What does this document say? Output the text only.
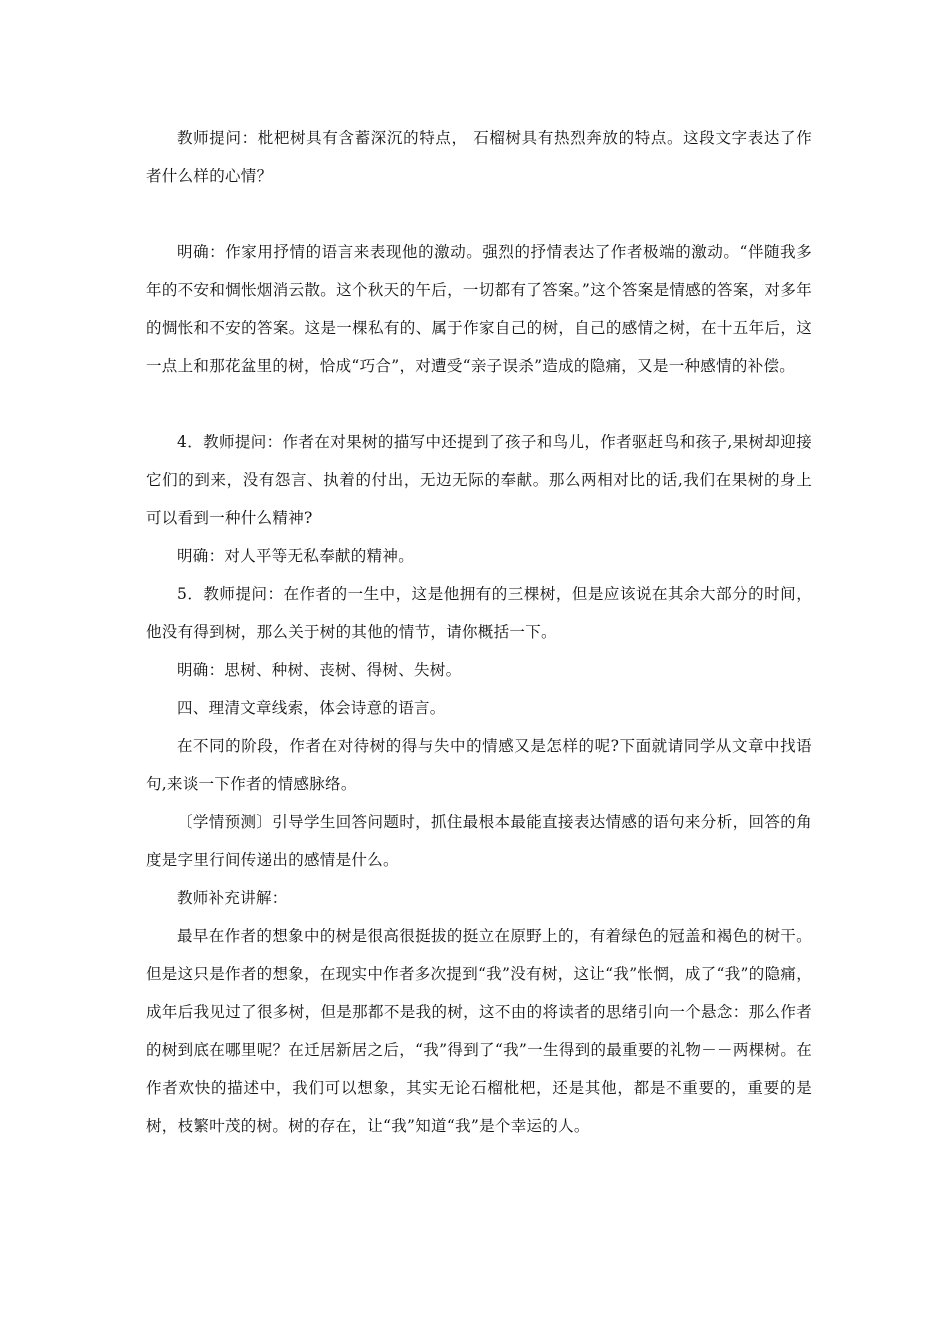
教师提问：枇杷树具有含蓄深沉的特点， 石榴树具有热烈奔放的特点。这段文字表达了作者什么样的心情？

明确：作家用抒情的语言来表现他的激动。强烈的抒情表达了作者极端的激动。“伴随我多年的不安和惆怅烟消云散。这个秋天的午后，一切都有了答案。”这个答案是情感的答案，对多年的惆怅和不安的答案。这是一棵私有的、属于作家自己的树，自己的感情之树，在十五年后，这一点上和那花盆里的树，恰成“巧合”，对遭受“亲子误杀”造成的隐痛，又是一种感情的补偿。

4．教师提问：作者在对果树的描写中还提到了孩子和鸟儿，作者驱赶鸟和孩子,果树却迎接它们的到来，没有怨言、执着的付出，无边无际的奉献。那么两相对比的话,我们在果树的身上可以看到一种什么精神?

明确：对人平等无私奉献的精神。

5．教师提问：在作者的一生中，这是他拥有的三棵树，但是应该说在其余大部分的时间，他没有得到树，那么关于树的其他的情节，请你概括一下。

明确：思树、种树、丧树、得树、失树。

四、理清文章线索，体会诗意的语言。

在不同的阶段，作者在对待树的得与失中的情感又是怎样的呢?下面就请同学从文章中找语句,来谈一下作者的情感脉络。

〔学情预测〕引导学生回答问题时，抓住最根本最能直接表达情感的语句来分析，回答的角度是字里行间传递出的感情是什么。

教师补充讲解：

最早在作者的想象中的树是很高很挺拔的挺立在原野上的，有着绿色的冠盖和褐色的树干。但是这只是作者的想象，在现实中作者多次提到“我”没有树，这让“我”怅惘，成了“我”的隐痛，成年后我见过了很多树，但是那都不是我的树，这不由的将读者的思绪引向一个悬念：那么作者的树到底在哪里呢？在迁居新居之后，“我”得到了“我”一生得到的最重要的礼物－－两棵树。在作者欢快的描述中，我们可以想象，其实无论石榴枇杷，还是其他，都是不重要的，重要的是树，枝繁叶茂的树。树的存在，让“我”知道“我”是个幸运的人。
